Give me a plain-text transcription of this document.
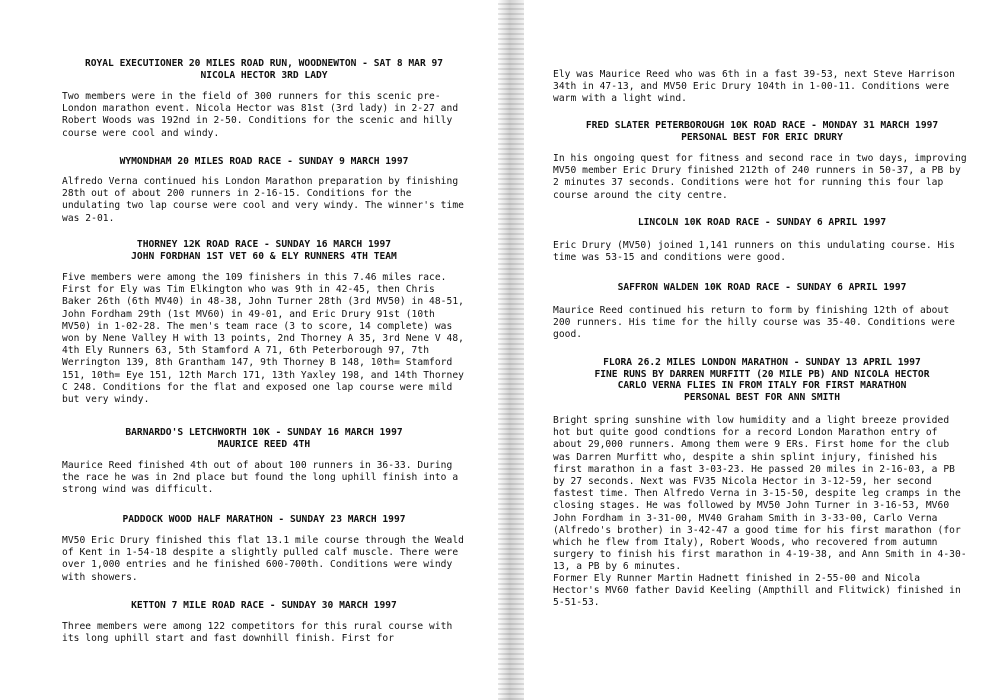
ROYAL EXECUTIONER 20 MILES ROAD RUN, WOODNEWTON - SAT 8 MAR 97
NICOLA HECTOR 3RD LADY
Two members were in the field of 300 runners for this scenic pre-London marathon event. Nicola Hector was 81st (3rd lady) in 2-27 and Robert Woods was 192nd in 2-50. Conditions for the scenic and hilly course were cool and windy.
WYMONDHAM 20 MILES ROAD RACE - SUNDAY 9 MARCH 1997
Alfredo Verna continued his London Marathon preparation by finishing 28th out of about 200 runners in 2-16-15. Conditions for the undulating two lap course were cool and very windy. The winner's time was 2-01.
THORNEY 12K ROAD RACE - SUNDAY 16 MARCH 1997
JOHN FORDHAN 1ST VET 60 & ELY RUNNERS 4TH TEAM
Five members were among the 109 finishers in this 7.46 miles race. First for Ely was Tim Elkington who was 9th in 42-45, then Chris Baker 26th (6th MV40) in 48-38, John Turner 28th (3rd MV50) in 48-51, John Fordham 29th (1st MV60) in 49-01, and Eric Drury 91st (10th MV50) in 1-02-28. The men's team race (3 to score, 14 complete) was won by Nene Valley H with 13 points, 2nd Thorney A 35, 3rd Nene V 48, 4th Ely Runners 63, 5th Stamford A 71, 6th Peterborough 97, 7th Werrington 139, 8th Grantham 147, 9th Thorney B 148, 10th= Stamford 151, 10th= Eye 151, 12th March 171, 13th Yaxley 198, and 14th Thorney C 248. Conditions for the flat and exposed one lap course were mild but very windy.
BARNARDO'S LETCHWORTH 10K - SUNDAY 16 MARCH 1997
MAURICE REED 4TH
Maurice Reed finished 4th out of about 100 runners in 36-33. During the race he was in 2nd place but found the long uphill finish into a strong wind was difficult.
PADDOCK WOOD HALF MARATHON - SUNDAY 23 MARCH 1997
MV50 Eric Drury finished this flat 13.1 mile course through the Weald of Kent in 1-54-18 despite a slightly pulled calf muscle. There were over 1,000 entries and he finished 600-700th. Conditions were windy with showers.
KETTON 7 MILE ROAD RACE - SUNDAY 30 MARCH 1997
Three members were among 122 competitors for this rural course with its long uphill start and fast downhill finish. First for
Ely was Maurice Reed who was 6th in a fast 39-53, next Steve Harrison 34th in 47-13, and MV50 Eric Drury 104th in 1-00-11. Conditions were warm with a light wind.
FRED SLATER PETERBOROUGH 10K ROAD RACE - MONDAY 31 MARCH 1997
PERSONAL BEST FOR ERIC DRURY
In his ongoing quest for fitness and second race in two days, improving MV50 member Eric Drury finished 212th of 240 runners in 50-37, a PB by 2 minutes 37 seconds. Conditions were hot for running this four lap course around the city centre.
LINCOLN 10K ROAD RACE - SUNDAY 6 APRIL 1997
Eric Drury (MV50) joined 1,141 runners on this undulating course. His time was 53-15 and conditions were good.
SAFFRON WALDEN 10K ROAD RACE - SUNDAY 6 APRIL 1997
Maurice Reed continued his return to form by finishing 12th of about 200 runners. His time for the hilly course was 35-40. Conditions were good.
FLORA 26.2 MILES LONDON MARATHON - SUNDAY 13 APRIL 1997
FINE RUNS BY DARREN MURFITT (20 MILE PB) AND NICOLA HECTOR
CARLO VERNA FLIES IN FROM ITALY FOR FIRST MARATHON
PERSONAL BEST FOR ANN SMITH
Bright spring sunshine with low humidity and a light breeze provided hot but quite good condtions for a record London Marathon entry of about 29,000 runners. Among them were 9 ERs. First home for the club was Darren Murfitt who, despite a shin splint injury, finished his first marathon in a fast 3-03-23. He passed 20 miles in 2-16-03, a PB by 27 seconds. Next was FV35 Nicola Hector in 3-12-59, her second fastest time. Then Alfredo Verna in 3-15-50, despite leg cramps in the closing stages. He was followed by MV50 John Turner in 3-16-53, MV60 John Fordham in 3-31-00, MV40 Graham Smith in 3-33-00, Carlo Verna (Alfredo's brother) in 3-42-47 a good time for his first marathon (for which he flew from Italy), Robert Woods, who recovered from autumn surgery to finish his first marathon in 4-19-38, and Ann Smith in 4-30-13, a PB by 6 minutes.
Former Ely Runner Martin Hadnett finished in 2-55-00 and Nicola Hector's MV60 father David Keeling (Ampthill and Flitwick) finished in 5-51-53.
